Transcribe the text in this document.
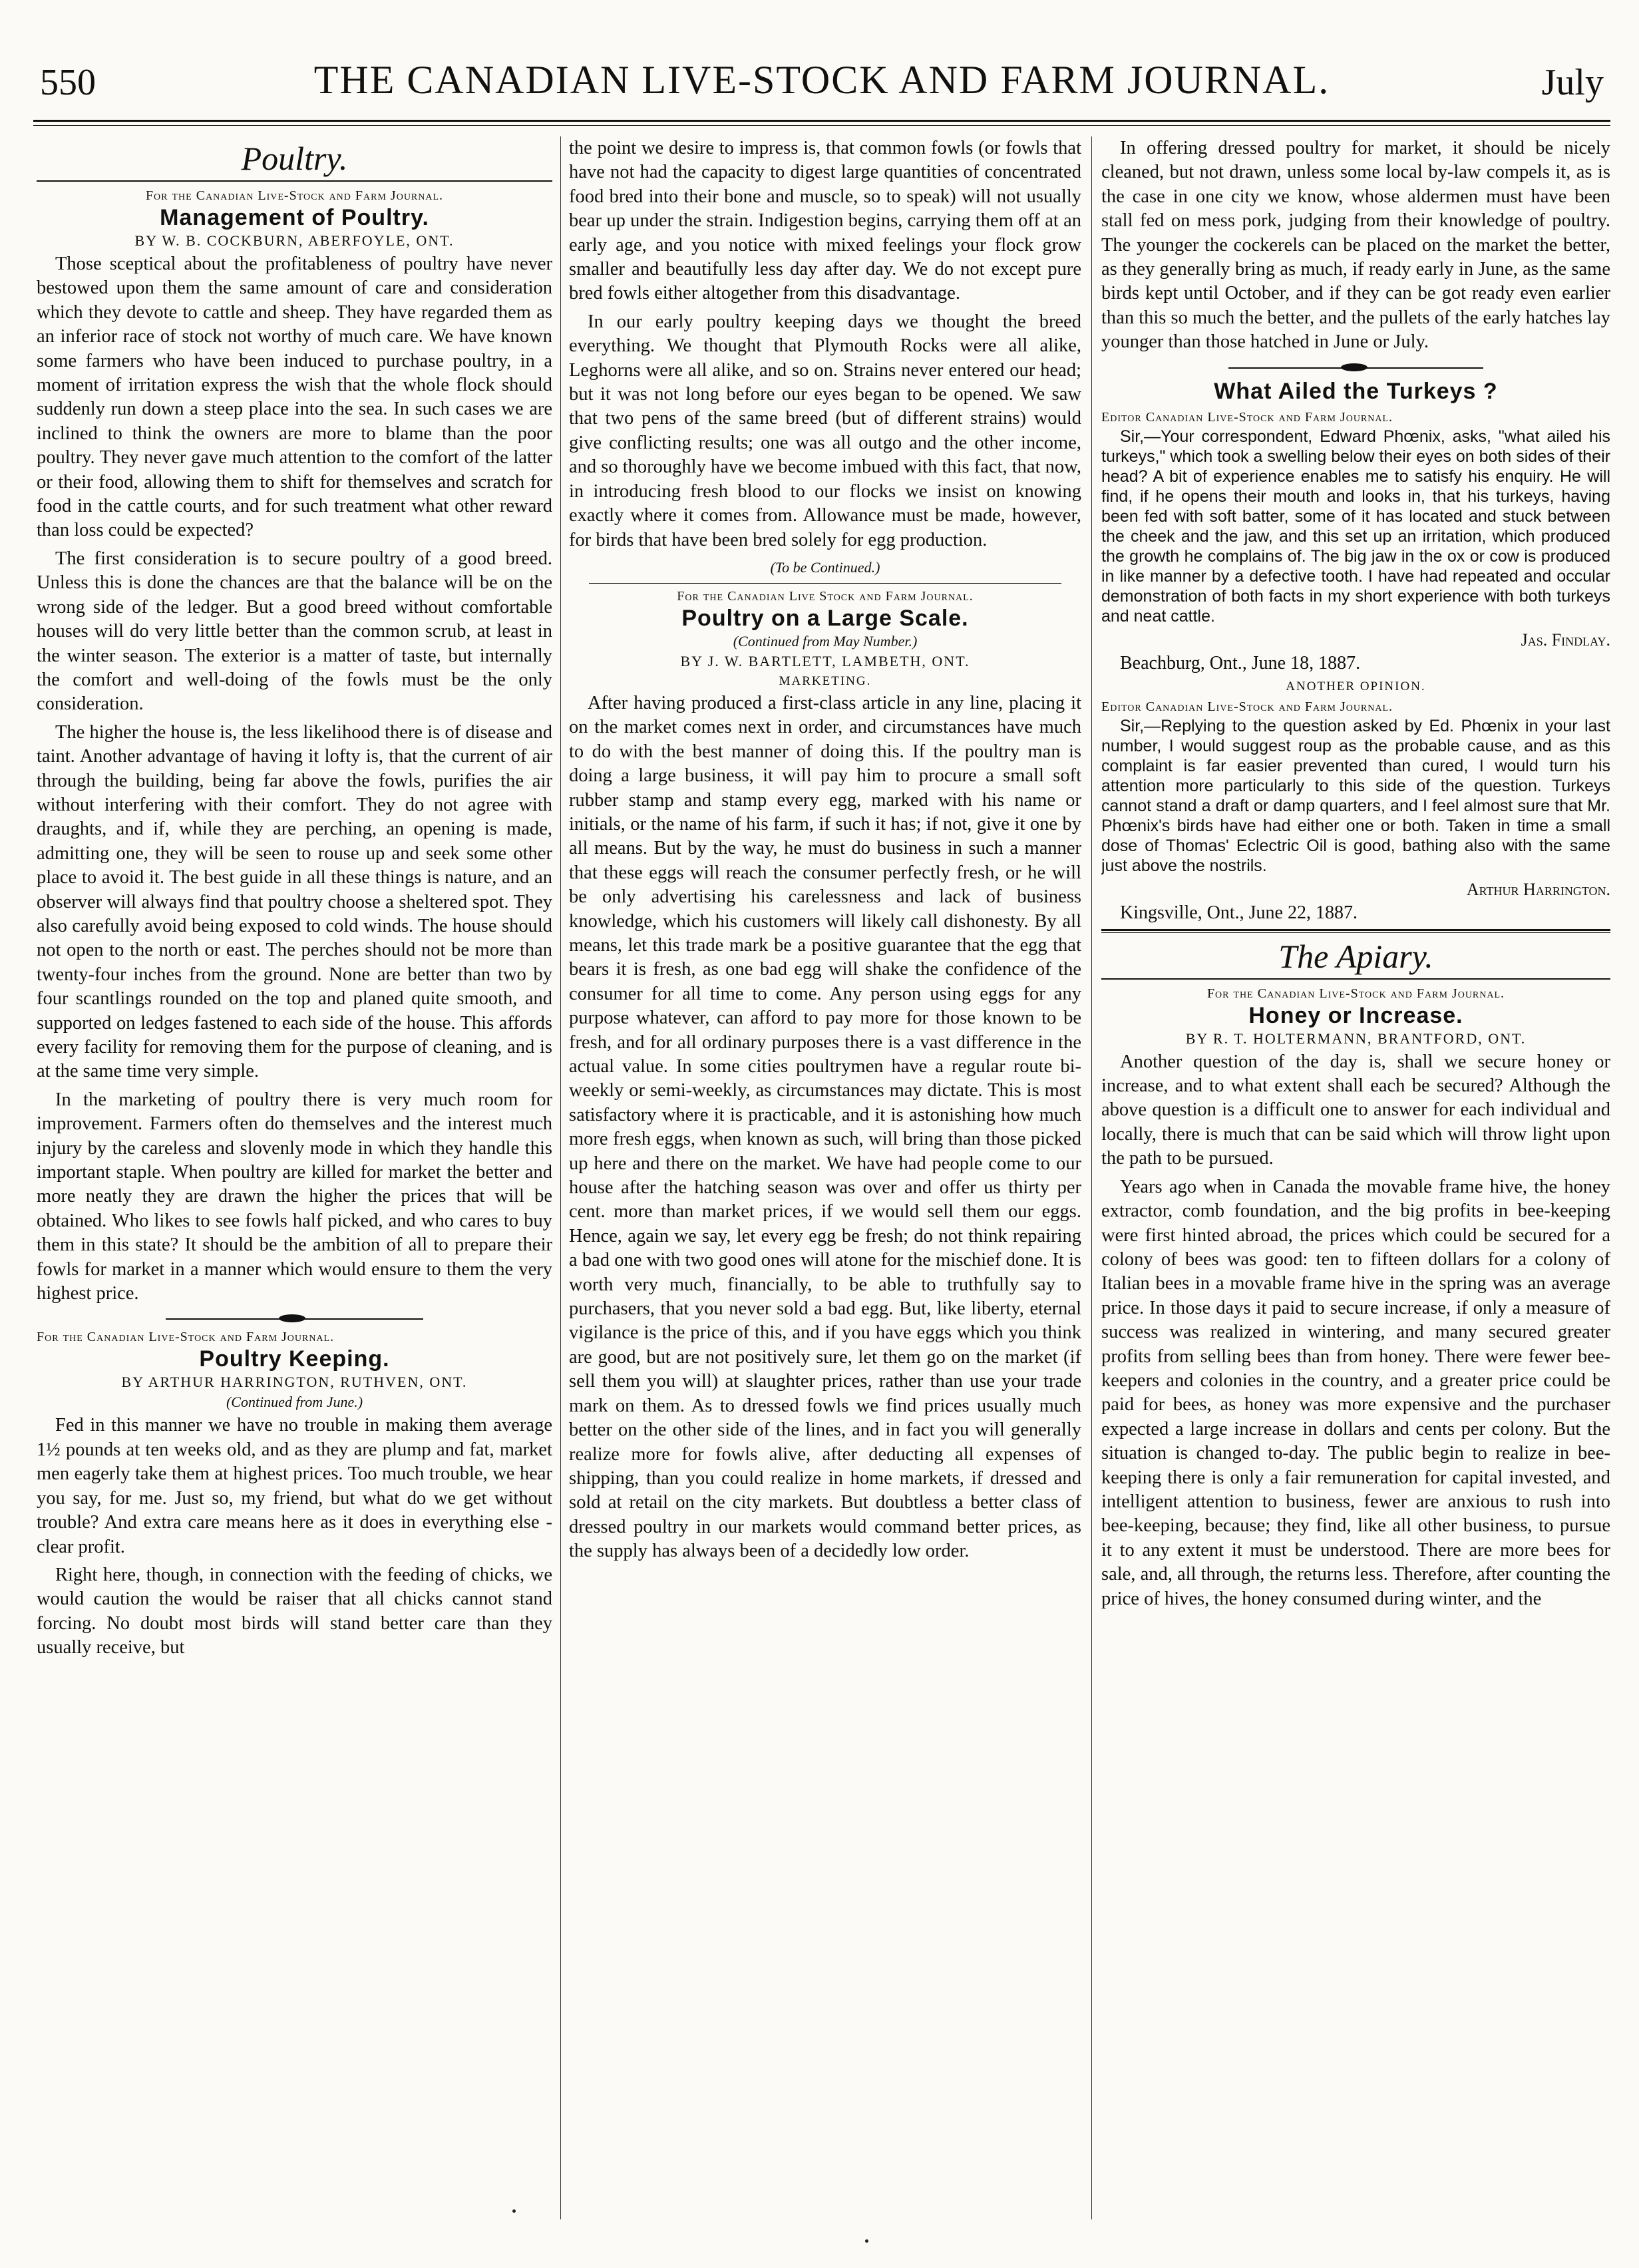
550	THE CANADIAN LIVE-STOCK AND FARM JOURNAL.	July
Poultry.
For the Canadian Live-Stock and Farm Journal.
Management of Poultry.
BY W. B. COCKBURN, ABERFOYLE, ONT.

Those sceptical about the profitableness of poultry have never bestowed upon them the same amount of care and consideration which they devote to cattle and sheep. They have regarded them as an inferior race of stock not worthy of much care. We have known some farmers who have been induced to purchase poultry, in a moment of irritation express the wish that the whole flock should suddenly run down a steep place into the sea. In such cases we are inclined to think the owners are more to blame than the poor poultry. They never gave much attention to the comfort of the latter or their food, allowing them to shift for themselves and scratch for food in the cattle courts, and for such treatment what other reward than loss could be expected?

The first consideration is to secure poultry of a good breed. Unless this is done the chances are that the balance will be on the wrong side of the ledger. But a good breed without comfortable houses will do very little better than the common scrub, at least in the winter season. The exterior is a matter of taste, but internally the comfort and well-doing of the fowls must be the only consideration.

The higher the house is, the less likelihood there is of disease and taint. Another advantage of having it lofty is, that the current of air through the building, being far above the fowls, purifies the air without interfering with their comfort. They do not agree with draughts, and if, while they are perching, an opening is made, admitting one, they will be seen to rouse up and seek some other place to avoid it. The best guide in all these things is nature, and an observer will always find that poultry choose a sheltered spot. They also carefully avoid being exposed to cold winds. The house should not open to the north or east. The perches should not be more than twenty-four inches from the ground. None are better than two by four scantlings rounded on the top and planed quite smooth, and supported on ledges fastened to each side of the house. This affords every facility for removing them for the purpose of cleaning, and is at the same time very simple.

In the marketing of poultry there is very much room for improvement. Farmers often do themselves and the interest much injury by the careless and slovenly mode in which they handle this important staple. When poultry are killed for market the better and more neatly they are drawn the higher the prices that will be obtained. Who likes to see fowls half picked, and who cares to buy them in this state? It should be the ambition of all to prepare their fowls for market in a manner which would ensure to them the very highest price.

For the Canadian Live-Stock and Farm Journal.
Poultry Keeping.
BY ARTHUR HARRINGTON, RUTHVEN, ONT.
(Continued from June.)

Fed in this manner we have no trouble in making them average 1½ pounds at ten weeks old, and as they are plump and fat, market men eagerly take them at highest prices. Too much trouble, we hear you say, for me. Just so, my friend, but what do we get without trouble? And extra care means here as it does in everything else - clear profit.

Right here, though, in connection with the feeding of chicks, we would caution the would be raiser that all chicks cannot stand forcing. No doubt most birds will stand better care than they usually receive, but

the point we desire to impress is, that common fowls (or fowls that have not had the capacity to digest large quantities of concentrated food bred into their bone and muscle, so to speak) will not usually bear up under the strain. Indigestion begins, carrying them off at an early age, and you notice with mixed feelings your flock grow smaller and beautifully less day after day. We do not except pure bred fowls either altogether from this disadvantage.

In our early poultry keeping days we thought the breed everything. We thought that Plymouth Rocks were all alike, Leghorns were all alike, and so on. Strains never entered our head; but it was not long before our eyes began to be opened. We saw that two pens of the same breed (but of different strains) would give conflicting results; one was all outgo and the other income, and so thoroughly have we become imbued with this fact, that now, in introducing fresh blood to our flocks we insist on knowing exactly where it comes from. Allowance must be made, however, for birds that have been bred solely for egg production.

(To be Continued.)
For the Canadian Live Stock and Farm Journal.
Poultry on a Large Scale.
(Continued from May Number.)
BY J. W. BARTLETT, LAMBETH, ONT.
MARKETING.

After having produced a first-class article in any line, placing it on the market comes next in order, and circumstances have much to do with the best manner of doing this. If the poultry man is doing a large business, it will pay him to procure a small soft rubber stamp and stamp every egg, marked with his name or initials, or the name of his farm, if such it has; if not, give it one by all means. But by the way, he must do business in such a manner that these eggs will reach the consumer perfectly fresh, or he will be only advertising his carelessness and lack of business knowledge, which his customers will likely call dishonesty. By all means, let this trade mark be a positive guarantee that the egg that bears it is fresh, as one bad egg will shake the confidence of the consumer for all time to come. Any person using eggs for any purpose whatever, can afford to pay more for those known to be fresh, and for all ordinary purposes there is a vast difference in the actual value. In some cities poultrymen have a regular route bi-weekly or semi-weekly, as circumstances may dictate. This is most satisfactory where it is practicable, and it is astonishing how much more fresh eggs, when known as such, will bring than those picked up here and there on the market. We have had people come to our house after the hatching season was over and offer us thirty per cent. more than market prices, if we would sell them our eggs. Hence, again we say, let every egg be fresh; do not think repairing a bad one with two good ones will atone for the mischief done. It is worth very much, financially, to be able to truthfully say to purchasers, that you never sold a bad egg. But, like liberty, eternal vigilance is the price of this, and if you have eggs which you think are good, but are not positively sure, let them go on the market (if sell them you will) at slaughter prices, rather than use your trade mark on them. As to dressed fowls we find prices usually much better on the other side of the lines, and in fact you will generally realize more for fowls alive, after deducting all expenses of shipping, than you could realize in home markets, if dressed and sold at retail on the city markets. But doubtless a better class of dressed poultry in our markets would command better prices, as the supply has always been of a decidedly low order.

In offering dressed poultry for market, it should be nicely cleaned, but not drawn, unless some local by-law compels it, as is the case in one city we know, whose aldermen must have been stall fed on mess pork, judging from their knowledge of poultry. The younger the cockerels can be placed on the market the better, as they generally bring as much, if ready early in June, as the same birds kept until October, and if they can be got ready even earlier than this so much the better, and the pullets of the early hatches lay younger than those hatched in June or July.

What Ailed the Turkeys ?
Editor Canadian Live-Stock and Farm Journal.

Sir,—Your correspondent, Edward Phœnix, asks, "what ailed his turkeys," which took a swelling below their eyes on both sides of their head? A bit of experience enables me to satisfy his enquiry. He will find, if he opens their mouth and looks in, that his turkeys, having been fed with soft batter, some of it has located and stuck between the cheek and the jaw, and this set up an irritation, which produced the growth he complains of. The big jaw in the ox or cow is produced in like manner by a defective tooth. I have had repeated and occular demonstration of both facts in my short experience with both turkeys and neat cattle.

Jas. Findlay.
Beachburg, Ont., June 18, 1887.
ANOTHER OPINION.
Editor Canadian Live-Stock and Farm Journal.

Sir,—Replying to the question asked by Ed. Phœnix in your last number, I would suggest roup as the probable cause, and as this complaint is far easier prevented than cured, I would turn his attention more particularly to this side of the question. Turkeys cannot stand a draft or damp quarters, and I feel almost sure that Mr. Phœnix's birds have had either one or both. Taken in time a small dose of Thomas' Eclectric Oil is good, bathing also with the same just above the nostrils.

Arthur Harrington.
Kingsville, Ont., June 22, 1887.
The Apiary.
For the Canadian Live-Stock and Farm Journal.
Honey or Increase.
BY R. T. HOLTERMANN, BRANTFORD, ONT.

Another question of the day is, shall we secure honey or increase, and to what extent shall each be secured? Although the above question is a difficult one to answer for each individual and locally, there is much that can be said which will throw light upon the path to be pursued.

Years ago when in Canada the movable frame hive, the honey extractor, comb foundation, and the big profits in bee-keeping were first hinted abroad, the prices which could be secured for a colony of bees was good: ten to fifteen dollars for a colony of Italian bees in a movable frame hive in the spring was an average price. In those days it paid to secure increase, if only a measure of success was realized in wintering, and many secured greater profits from selling bees than from honey. There were fewer bee-keepers and colonies in the country, and a greater price could be paid for bees, as honey was more expensive and the purchaser expected a large increase in dollars and cents per colony. But the situation is changed to-day. The public begin to realize in bee-keeping there is only a fair remuneration for capital invested, and intelligent attention to business, fewer are anxious to rush into bee-keeping, because; they find, like all other business, to pursue it to any extent it must be understood. There are more bees for sale, and, all through, the returns less. Therefore, after counting the price of hives, the honey consumed during winter, and the
